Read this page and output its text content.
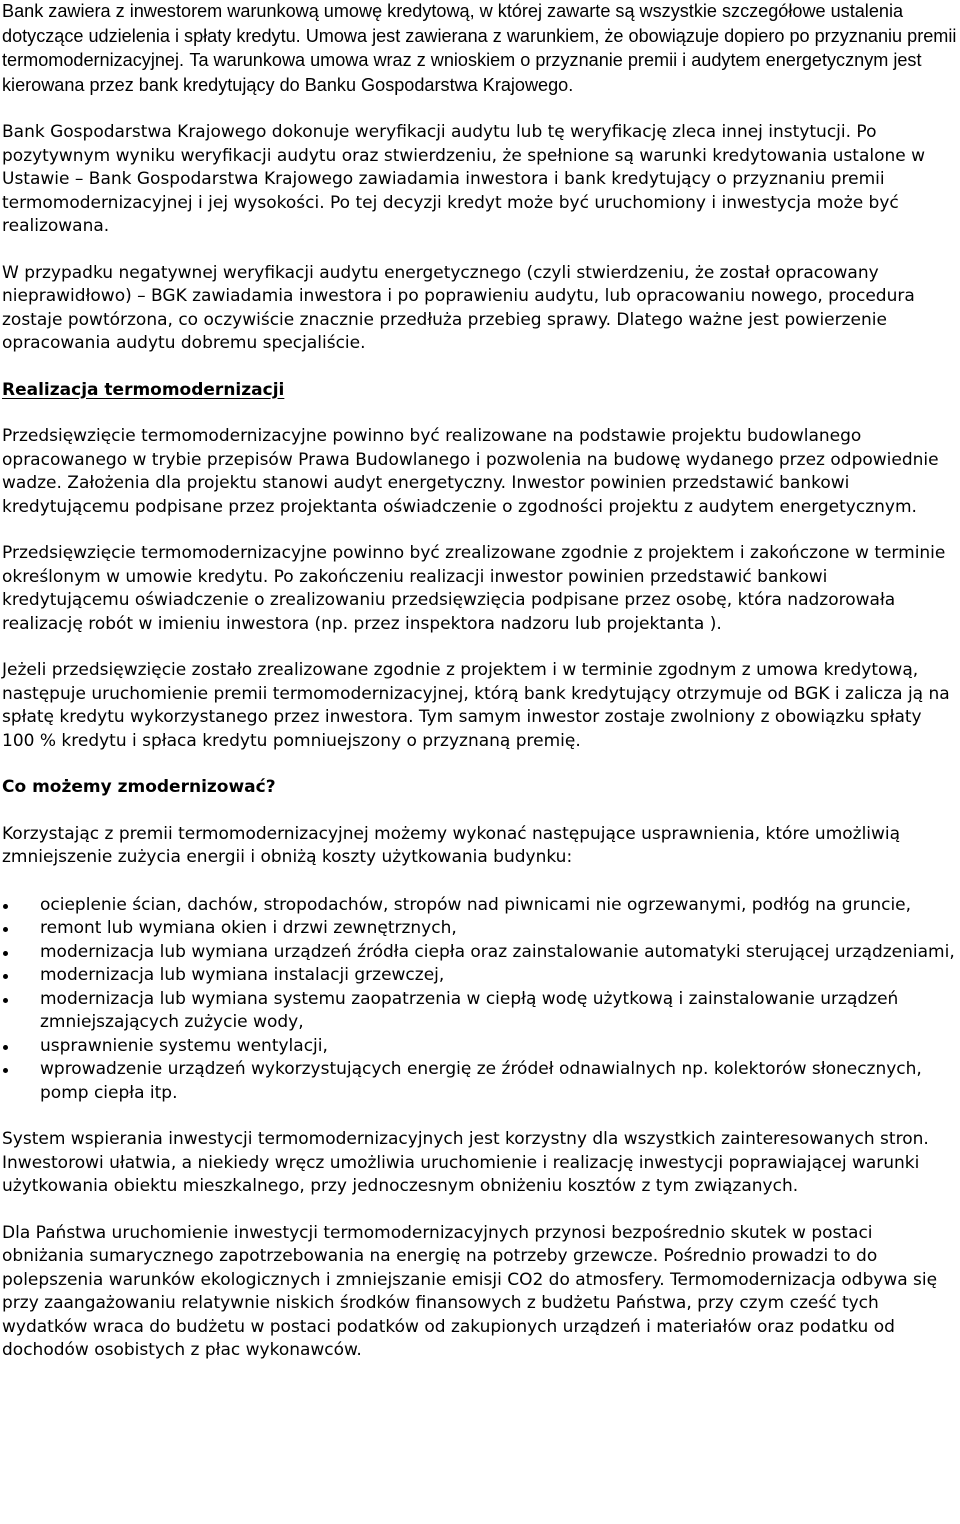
Bank zawiera z inwestorem warunkową umowę kredytową, w której zawarte są wszystkie szczegółowe ustalenia dotyczące udzielenia i spłaty kredytu. Umowa jest zawierana z warunkiem, że obowiązuje dopiero po przyznaniu premii termomodernizacyjnej. Ta warunkowa umowa wraz z wnioskiem o przyznanie premii i audytem energetycznym jest kierowana przez bank kredytujący do Banku Gospodarstwa Krajowego.

Bank Gospodarstwa Krajowego dokonuje weryfikacji audytu lub tę weryfikację zleca innej instytucji. Po pozytywnym wyniku weryfikacji audytu oraz stwierdzeniu, że spełnione są warunki kredytowania ustalone w Ustawie – Bank Gospodarstwa Krajowego zawiadamia inwestora i bank kredytujący o przyznaniu premii termomodernizacyjnej i jej wysokości. Po tej decyzji kredyt może być uruchomiony i inwestycja może być realizowana.

W przypadku negatywnej weryfikacji audytu energetycznego (czyli stwierdzeniu, że został opracowany nieprawidłowo) – BGK zawiadamia inwestora i po poprawieniu audytu, lub opracowaniu nowego, procedura zostaje powtórzona, co oczywiście znacznie przedłuża przebieg sprawy. Dlatego ważne jest powierzenie opracowania audytu dobremu specjaliście.

Realizacja termomodernizacji

Przedsięwzięcie termomodernizacyjne powinno być realizowane na podstawie projektu budowlanego opracowanego w trybie przepisów Prawa Budowlanego i pozwolenia na budowę wydanego przez odpowiednie wadze. Założenia dla projektu stanowi audyt energetyczny. Inwestor powinien przedstawić bankowi kredytującemu podpisane przez projektanta oświadczenie o zgodności projektu z audytem energetycznym.

Przedsięwzięcie termomodernizacyjne powinno być zrealizowane zgodnie z projektem i zakończone w terminie określonym w umowie kredytu. Po zakończeniu realizacji inwestor powinien przedstawić bankowi kredytującemu oświadczenie o zrealizowaniu przedsięwzięcia podpisane przez osobę, która nadzorowała realizację robót w imieniu inwestora (np. przez inspektora nadzoru lub projektanta ).

Jeżeli przedsięwzięcie zostało zrealizowane zgodnie z projektem i w terminie zgodnym z umowa kredytową, następuje uruchomienie premii termomodernizacyjnej, którą bank kredytujący otrzymuje od BGK i zalicza ją na spłatę kredytu wykorzystanego przez inwestora. Tym samym inwestor zostaje zwolniony z obowiązku spłaty 100 % kredytu i spłaca kredytu pomniuejszony o przyznaną premię.

Co możemy zmodernizować?

Korzystając z premii termomodernizacyjnej możemy wykonać następujące usprawnienia, które umożliwią zmniejszenie zużycia energii i obniżą koszty użytkowania budynku:

ocieplenie ścian, dachów, stropodachów, stropów nad piwnicami nie ogrzewanymi, podłóg na gruncie,
remont lub wymiana okien i drzwi zewnętrznych,
modernizacja lub wymiana urządzeń źródła ciepła oraz zainstalowanie automatyki sterującej urządzeniami,
modernizacja lub wymiana instalacji grzewczej,
modernizacja lub wymiana systemu zaopatrzenia w ciepłą wodę użytkową i zainstalowanie urządzeń zmniejszających zużycie wody,
usprawnienie systemu wentylacji,
wprowadzenie urządzeń wykorzystujących energię ze źródeł odnawialnych np. kolektorów słonecznych, pomp ciepła itp.

System wspierania inwestycji termomodernizacyjnych jest korzystny dla wszystkich zainteresowanych stron. Inwestorowi ułatwia, a niekiedy wręcz umożliwia uruchomienie i realizację inwestycji poprawiającej warunki użytkowania obiektu mieszkalnego, przy jednoczesnym obniżeniu kosztów z tym związanych.

Dla Państwa uruchomienie inwestycji termomodernizacyjnych przynosi bezpośrednio skutek w postaci obniżania sumarycznego zapotrzebowania na energię na potrzeby grzewcze. Pośrednio prowadzi to do polepszenia warunków ekologicznych i zmniejszanie emisji CO2 do atmosfery. Termomodernizacja odbywa się przy zaangażowaniu relatywnie niskich środków finansowych z budżetu Państwa, przy czym cześć tych wydatków wraca do budżetu w postaci podatków od zakupionych urządzeń i materiałów oraz podatku od dochodów osobistych z płac wykonawców.
